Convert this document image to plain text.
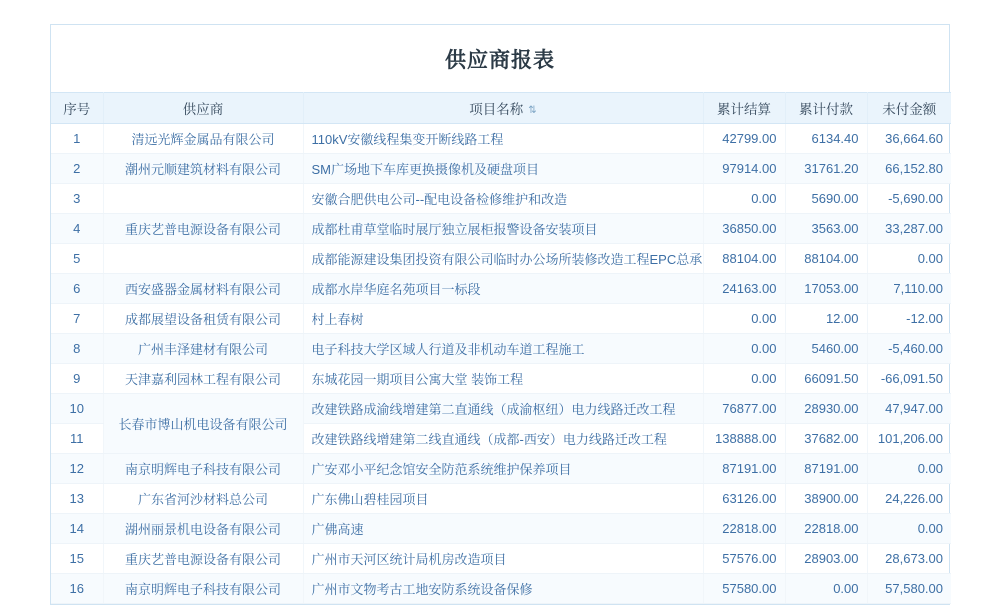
供应商报表
序号	供应商	项目名称 ⇅	累计结算	累计付款	未付金额
1	清远光辉金属品有限公司	110kV安徽线程集变开断线路工程	42799.00	6134.40	36,664.60
2	潮州元顺建筑材料有限公司	SM广场地下车库更换摄像机及硬盘项目	97914.00	31761.20	66,152.80
3		安徽合肥供电公司--配电设备检修维护和改造	0.00	5690.00	-5,690.00
4	重庆艺普电源设备有限公司	成都杜甫草堂临时展厅独立展柜报警设备安装项目	36850.00	3563.00	33,287.00
5		成都能源建设集团投资有限公司临时办公场所装修改造工程EPC总承	88104.00	88104.00	0.00
6	西安盛器金属材料有限公司	成都水岸华庭名苑项目一标段	24163.00	17053.00	7,110.00
7	成都展望设备租赁有限公司	村上春树	0.00	12.00	-12.00
8	广州丰泽建材有限公司	电子科技大学区域人行道及非机动车道工程施工	0.00	5460.00	-5,460.00
9	天津嘉利园林工程有限公司	东城花园一期项目公寓大堂 装饰工程	0.00	66091.50	-66,091.50
10	长春市博山机电设备有限公司	改建铁路成渝线增建第二直通线（成渝枢纽）电力线路迁改工程	76877.00	28930.00	47,947.00
11		改建铁路线增建第二线直通线（成都-西安）电力线路迁改工程	138888.00	37682.00	101,206.00
12	南京明辉电子科技有限公司	广安邓小平纪念馆安全防范系统维护保养项目	87191.00	87191.00	0.00
13	广东省河沙材料总公司	广东佛山碧桂园项目	63126.00	38900.00	24,226.00
14	湖州丽景机电设备有限公司	广佛高速	22818.00	22818.00	0.00
15	重庆艺普电源设备有限公司	广州市天河区统计局机房改造项目	57576.00	28903.00	28,673.00
16	南京明辉电子科技有限公司	广州市文物考古工地安防系统设备保修	57580.00	0.00	57,580.00
